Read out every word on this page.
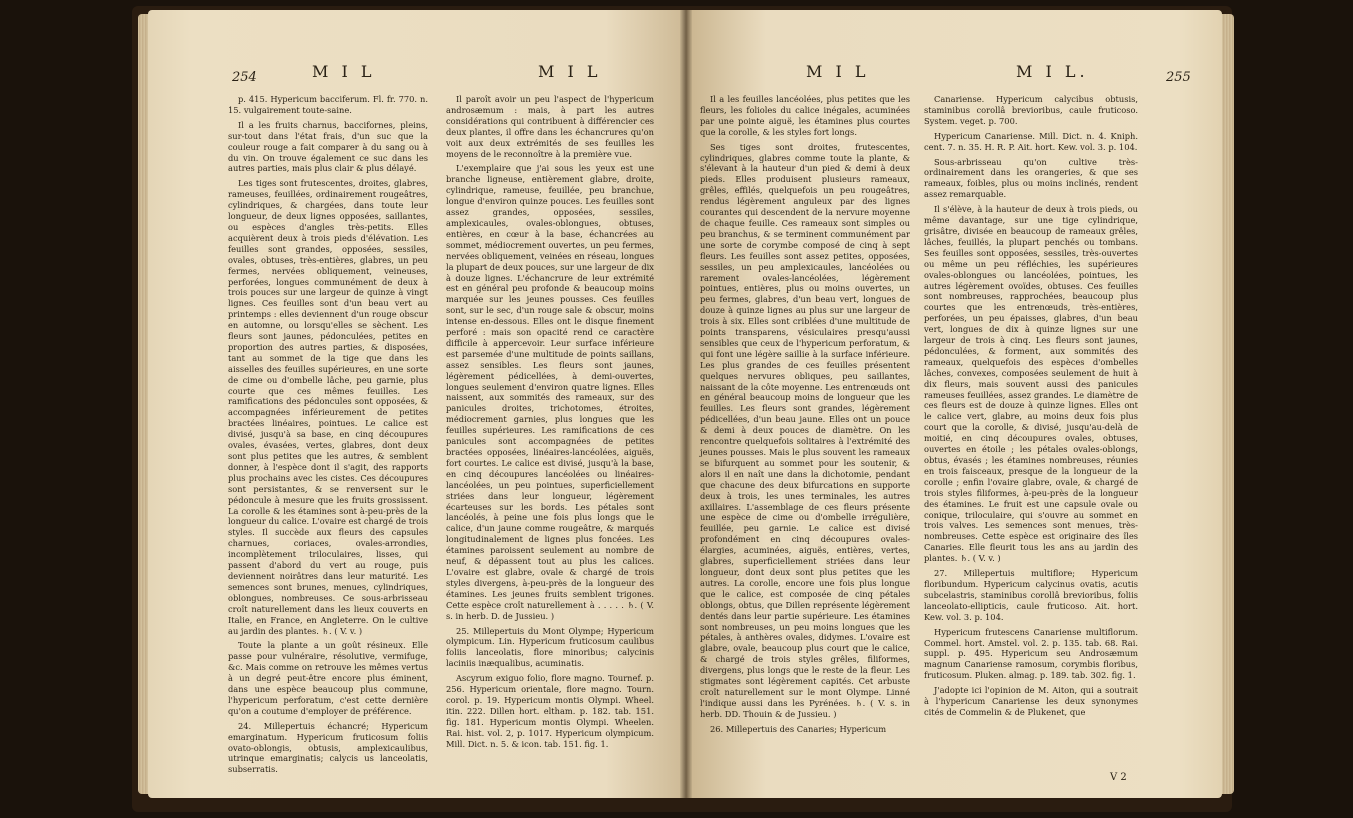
254	M I L	M I L

p. 415. Hypericum bacciferum. Fl. fr. 770. n. 15. vulgairement toute-saine.

Il a les fruits charnus, baccifornes, pleins, sur-tout dans l'état frais, d'un suc que la couleur rouge a fait comparer à du sang ou à du vin. On trouve également ce suc dans les autres parties, mais plus clair & plus délayé.

Les tiges sont frutescentes, droites, glabres, rameuses, feuillées, ordinairement rougeâtres, cylindriques, & chargées, dans toute leur longueur, de deux lignes opposées, saillantes, ou espèces d'angles très-petits. Elles acquièrent deux à trois pieds d'élévation. Les feuilles sont grandes, opposées, sessiles, ovales, obtuses, très-entières, glabres, un peu fermes, nervées obliquement, veineuses, perforées, longues communément de deux à trois pouces sur une largeur de quinze à vingt lignes. Ces feuilles sont d'un beau vert au printemps : elles deviennent d'un rouge obscur en automne, ou lorsqu'elles se sèchent. Les fleurs sont jaunes, pédonculées, petites en proportion des autres parties, & disposées, tant au sommet de la tige que dans les aisselles des feuilles supérieures, en une sorte de cime ou d'ombelle lâche, peu garnie, plus courte que ces mêmes feuilles. Les ramifications des pédoncules sont opposées, & accompagnées inférieurement de petites bractées linéaires, pointues. Le calice est divisé, jusqu'à sa base, en cinq découpures ovales, évasées, vertes, glabres, dont deux sont plus petites que les autres, & semblent donner, à l'espèce dont il s'agit, des rapports plus prochains avec les cistes. Ces découpures sont persistantes, & se renversent sur le pédoncule à mesure que les fruits grossissent. La corolle & les étamines sont à-peu-près de la longueur du calice. L'ovaire est chargé de trois styles. Il succède aux fleurs des capsules charnues, coriaces, ovales-arrondies, incomplètement triloculaires, lisses, qui passent d'abord du vert au rouge, puis deviennent noirâtres dans leur maturité. Les semences sont brunes, menues, cylindriques, oblongues, nombreuses. Ce sous-arbrisseau croît naturellement dans les lieux couverts en Italie, en France, en Angleterre. On le cultive au jardin des plantes. ♄. ( V. v. )

Toute la plante a un goût résineux. Elle passe pour vulnéraire, résolutive, vermifuge, &c. Mais comme on retrouve les mêmes vertus à un degré peut-être encore plus éminent, dans une espèce beaucoup plus commune, l'hypericum perforatum, c'est cette dernière qu'on a coutume d'employer de préférence.

24. Millepertuis échancré; Hypericum emarginatum. Hypericum fruticosum foliis ovato-oblongis, obtusis, amplexicaulibus, utrinque emarginatis; calycis us lanceolatis, subserratis.

Il paroît avoir un peu l'aspect de l'hypericum androsæmum : mais, à part les autres considérations qui contribuent à différencier ces deux plantes, il offre dans les échancrures qu'on voit aux deux extrémités de ses feuilles les moyens de le reconnoître à la première vue.

L'exemplaire que j'ai sous les yeux est une branche ligneuse, entièrement glabre, droite, cylindrique, rameuse, feuillée, peu branchue, longue d'environ quinze pouces. Les feuilles sont assez grandes, opposées, sessiles, amplexicaules, ovales-oblongues, obtuses, entières, en cœur à la base, échancrées au sommet, médiocrement ouvertes, un peu fermes, nervées obliquement, veinées en réseau, longues la plupart de deux pouces, sur une largeur de dix à douze lignes. L'échancrure de leur extrémité est en général peu profonde & beaucoup moins marquée sur les jeunes pousses. Ces feuilles sont, sur le sec, d'un rouge sale & obscur, moins intense en-dessous. Elles ont le disque finement perforé : mais son opacité rend ce caractère difficile à appercevoir. Leur surface inférieure est parsemée d'une multitude de points saillans, assez sensibles. Les fleurs sont jaunes, légèrement pédicellées, à demi-ouvertes, longues seulement d'environ quatre lignes. Elles naissent, aux sommités des rameaux, sur des panicules droites, trichotomes, étroites, médiocrement garnies, plus longues que les feuilles supérieures. Les ramifications de ces panicules sont accompagnées de petites bractées opposées, linéaires-lancéolées, aiguës, fort courtes. Le calice est divisé, jusqu'à la base, en cinq découpures lancéolées ou linéaires-lancéolées, un peu pointues, superficiellement striées dans leur longueur, légèrement écarteuses sur les bords. Les pétales sont lancéolés, à peine une fois plus longs que le calice, d'un jaune comme rougeâtre, & marqués longitudinalement de lignes plus foncées. Les étamines paroissent seulement au nombre de neuf, & dépassent tout au plus les calices. L'ovaire est glabre, ovale & chargé de trois styles divergens, à-peu-près de la longueur des étamines. Les jeunes fruits semblent trigones. Cette espèce croît naturellement à . . . . . ♄. ( V. s. in herb. D. de Jussieu. )

25. Millepertuis du Mont Olympe; Hypericum olympicum. Lin. Hypericum fruticosum caulibus foliis lanceolatis, flore minoribus; calycinis laciniis inæqualibus, acuminatis.

Ascyrum exiguo folio, flore magno. Tournef. p. 256. Hypericum orientale, flore magno. Tourn. corol. p. 19. Hypericum montis Olympi. Wheel. itin. 222. Dillen hort. eltham. p. 182. tab. 151. fig. 181. Hypericum montis Olympi. Wheelen. Rai. hist. vol. 2, p. 1017. Hypericum olympicum. Mill. Dict. n. 5. & icon. tab. 151. fig. 1.

M I L	M I L.	255

Il a les feuilles lancéolées, plus petites que les fleurs, les folioles du calice inégales, acuminées par une pointe aiguë, les étamines plus courtes que la corolle, & les styles fort longs.

Ses tiges sont droites, frutescentes, cylindriques, glabres comme toute la plante, & s'élevant à la hauteur d'un pied & demi à deux pieds. Elles produisent plusieurs rameaux, grêles, effilés, quelquefois un peu rougeâtres, rendus légèrement anguleux par des lignes courantes qui descendent de la nervure moyenne de chaque feuille. Ces rameaux sont simples ou peu branchus, & se terminent communément par une sorte de corymbe composé de cinq à sept fleurs. Les feuilles sont assez petites, opposées, sessiles, un peu amplexicaules, lancéolées ou rarement ovales-lancéolées, légèrement pointues, entières, plus ou moins ouvertes, un peu fermes, glabres, d'un beau vert, longues de douze à quinze lignes au plus sur une largeur de trois à six. Elles sont criblées d'une multitude de points transparens, vésiculaires presqu'aussi sensibles que ceux de l'hypericum perforatum, & qui font une légère saillie à la surface inférieure. Les plus grandes de ces feuilles présentent quelques nervures obliques, peu saillantes, naissant de la côte moyenne. Les entrenœuds ont en général beaucoup moins de longueur que les feuilles. Les fleurs sont grandes, légèrement pédicellées, d'un beau jaune. Elles ont un pouce & demi à deux pouces de diamètre. On les rencontre quelquefois solitaires à l'extrémité des jeunes pousses. Mais le plus souvent les rameaux se bifurquent au sommet pour les soutenir, & alors il en naît une dans la dichotomie, pendant que chacune des deux bifurcations en supporte deux à trois, les unes terminales, les autres axillaires. L'assemblage de ces fleurs présente une espèce de cime ou d'ombelle irrégulière, feuillée, peu garnie. Le calice est divisé profondément en cinq découpures ovales-élargies, acuminées, aiguës, entières, vertes, glabres, superficiellement striées dans leur longueur, dont deux sont plus petites que les autres. La corolle, encore une fois plus longue que le calice, est composée de cinq pétales oblongs, obtus, que Dillen représente légèrement dentés dans leur partie supérieure. Les étamines sont nombreuses, un peu moins longues que les pétales, à anthères ovales, didymes. L'ovaire est glabre, ovale, beaucoup plus court que le calice, & chargé de trois styles grêles, filiformes, divergens, plus longs que le reste de la fleur. Les stigmates sont légèrement capités. Cet arbuste croît naturellement sur le mont Olympe. Linné l'indique aussi dans les Pyrénées. ♄. ( V. s. in herb. DD. Thouin & de Jussieu. )

26. Millepertuis des Canaries; Hypericum

Canariense. Hypericum calycibus obtusis, staminibus corollâ brevioribus, caule fruticoso. System. veget. p. 700.

Hypericum Canariense. Mill. Dict. n. 4. Kniph. cent. 7. n. 35. H. R. P. Ait. hort. Kew. vol. 3. p. 104.

Sous-arbrisseau qu'on cultive très-ordinairement dans les orangeries, & que ses rameaux, foibles, plus ou moins inclinés, rendent assez remarquable.

Il s'élève, à la hauteur de deux à trois pieds, ou même davantage, sur une tige cylindrique, grisâtre, divisée en beaucoup de rameaux grêles, lâches, feuillés, la plupart penchés ou tombans. Ses feuilles sont opposées, sessiles, très-ouvertes ou même un peu réfléchies, les supérieures ovales-oblongues ou lancéolées, pointues, les autres légèrement ovoïdes, obtuses. Ces feuilles sont nombreuses, rapprochées, beaucoup plus courtes que les entrenœuds, très-entières, perforées, un peu épaisses, glabres, d'un beau vert, longues de dix à quinze lignes sur une largeur de trois à cinq. Les fleurs sont jaunes, pédonculées, & forment, aux sommités des rameaux, quelquefois des espèces d'ombelles lâches, convexes, composées seulement de huit à dix fleurs, mais souvent aussi des panicules rameuses feuillées, assez grandes. Le diamètre de ces fleurs est de douze à quinze lignes. Elles ont le calice vert, glabre, au moins deux fois plus court que la corolle, & divisé, jusqu'au-delà de moitié, en cinq découpures ovales, obtuses, ouvertes en étoile ; les pétales ovales-oblongs, obtus, évasés ; les étamines nombreuses, réunies en trois faisceaux, presque de la longueur de la corolle ; enfin l'ovaire glabre, ovale, & chargé de trois styles filiformes, à-peu-près de la longueur des étamines. Le fruit est une capsule ovale ou conique, triloculaire, qui s'ouvre au sommet en trois valves. Les semences sont menues, très-nombreuses. Cette espèce est originaire des îles Canaries. Elle fleurit tous les ans au jardin des plantes. ♄. ( V. v. )

27. Millepertuis multiflore; Hypericum floribundum. Hypericum calycinus ovatis, acutis subcelastris, staminibus corollâ brevioribus, foliis lanceolato-ellipticis, caule fruticoso. Ait. hort. Kew. vol. 3. p. 104.

Hypericum frutescens Canariense multiflorum. Commel. hort. Amstel. vol. 2. p. 135. tab. 68. Rai. suppl. p. 495. Hypericum seu Androsæmum magnum Canariense ramosum, corymbis floribus, fruticosum. Pluken. almag. p. 189. tab. 302. fig. 1.

J'adopte ici l'opinion de M. Aiton, qui a soutrait à l'hypericum Canariense les deux synonymes cités de Commelin & de Plukenet, que

V 2
